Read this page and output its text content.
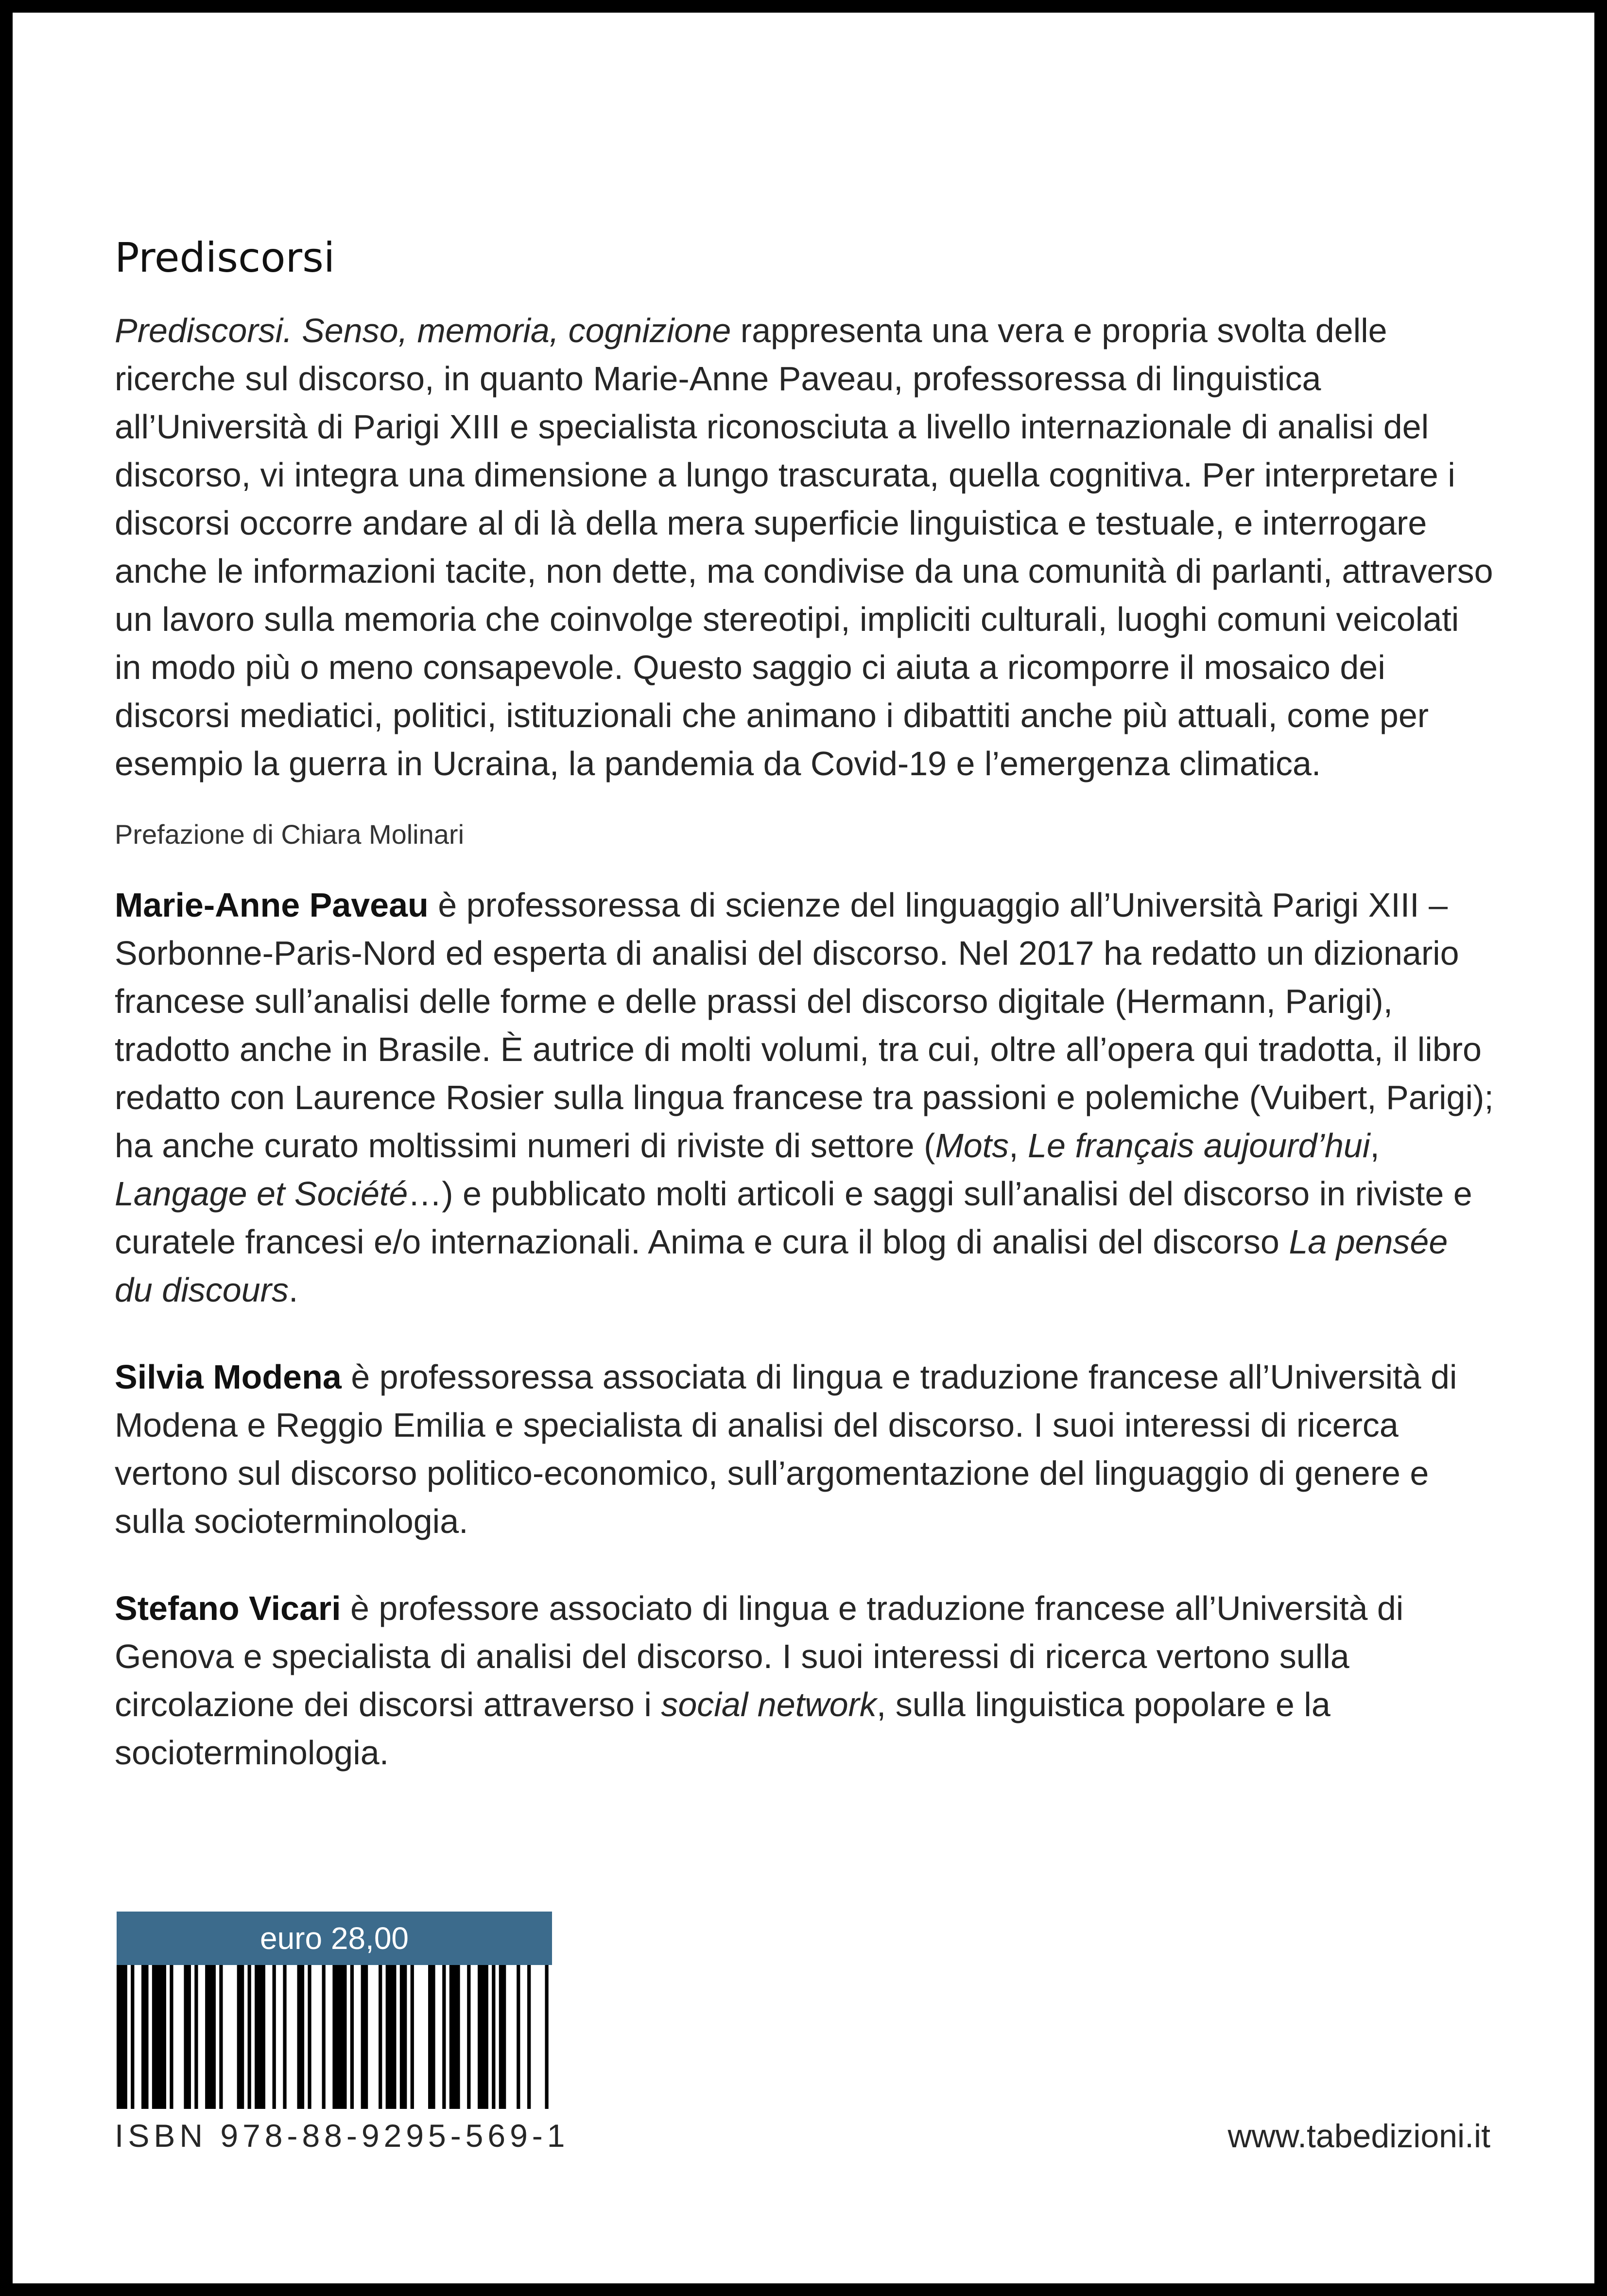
Prediscorsi

Prediscorsi. Senso, memoria, cognizione rappresenta una vera e propria svolta delle ricerche sul discorso, in quanto Marie-Anne Paveau, professoressa di linguistica all’Università di Parigi XIII e specialista riconosciuta a livello internazionale di analisi del discorso, vi integra una dimensione a lungo trascurata, quella cognitiva. Per interpretare i discorsi occorre andare al di là della mera superficie linguistica e testuale, e interrogare anche le informazioni tacite, non dette, ma condivise da una comunità di parlanti, attraverso un lavoro sulla memoria che coinvolge stereotipi, impliciti culturali, luoghi comuni veicolati in modo più o meno consapevole. Questo saggio ci aiuta a ricomporre il mosaico dei discorsi mediatici, politici, istituzionali che animano i dibattiti anche più attuali, come per esempio la guerra in Ucraina, la pandemia da Covid-19 e l’emergenza climatica.

Prefazione di Chiara Molinari

Marie-Anne Paveau è professoressa di scienze del linguaggio all’Università Parigi XIII – Sorbonne-Paris-Nord ed esperta di analisi del discorso. Nel 2017 ha redatto un dizionario francese sull’analisi delle forme e delle prassi del discorso digitale (Hermann, Parigi), tradotto anche in Brasile. È autrice di molti volumi, tra cui, oltre all’opera qui tradotta, il libro redatto con Laurence Rosier sulla lingua francese tra passioni e polemiche (Vuibert, Parigi); ha anche curato moltissimi numeri di riviste di settore (Mots, Le français aujourd’hui, Langage et Société…) e pubblicato molti articoli e saggi sull’analisi del discorso in riviste e curatele francesi e/o internazionali. Anima e cura il blog di analisi del discorso La pensée du discours.

Silvia Modena è professoressa associata di lingua e traduzione francese all’Università di Modena e Reggio Emilia e specialista di analisi del discorso. I suoi interessi di ricerca vertono sul discorso politico-economico, sull’argomentazione del linguaggio di genere e sulla socioterminologia.

Stefano Vicari è professore associato di lingua e traduzione francese all’Università di Genova e specialista di analisi del discorso. I suoi interessi di ricerca vertono sulla circolazione dei discorsi attraverso i social network, sulla linguistica popolare e la socioterminologia.

euro 28,00
ISBN 978-88-9295-569-1	www.tabedizioni.it
